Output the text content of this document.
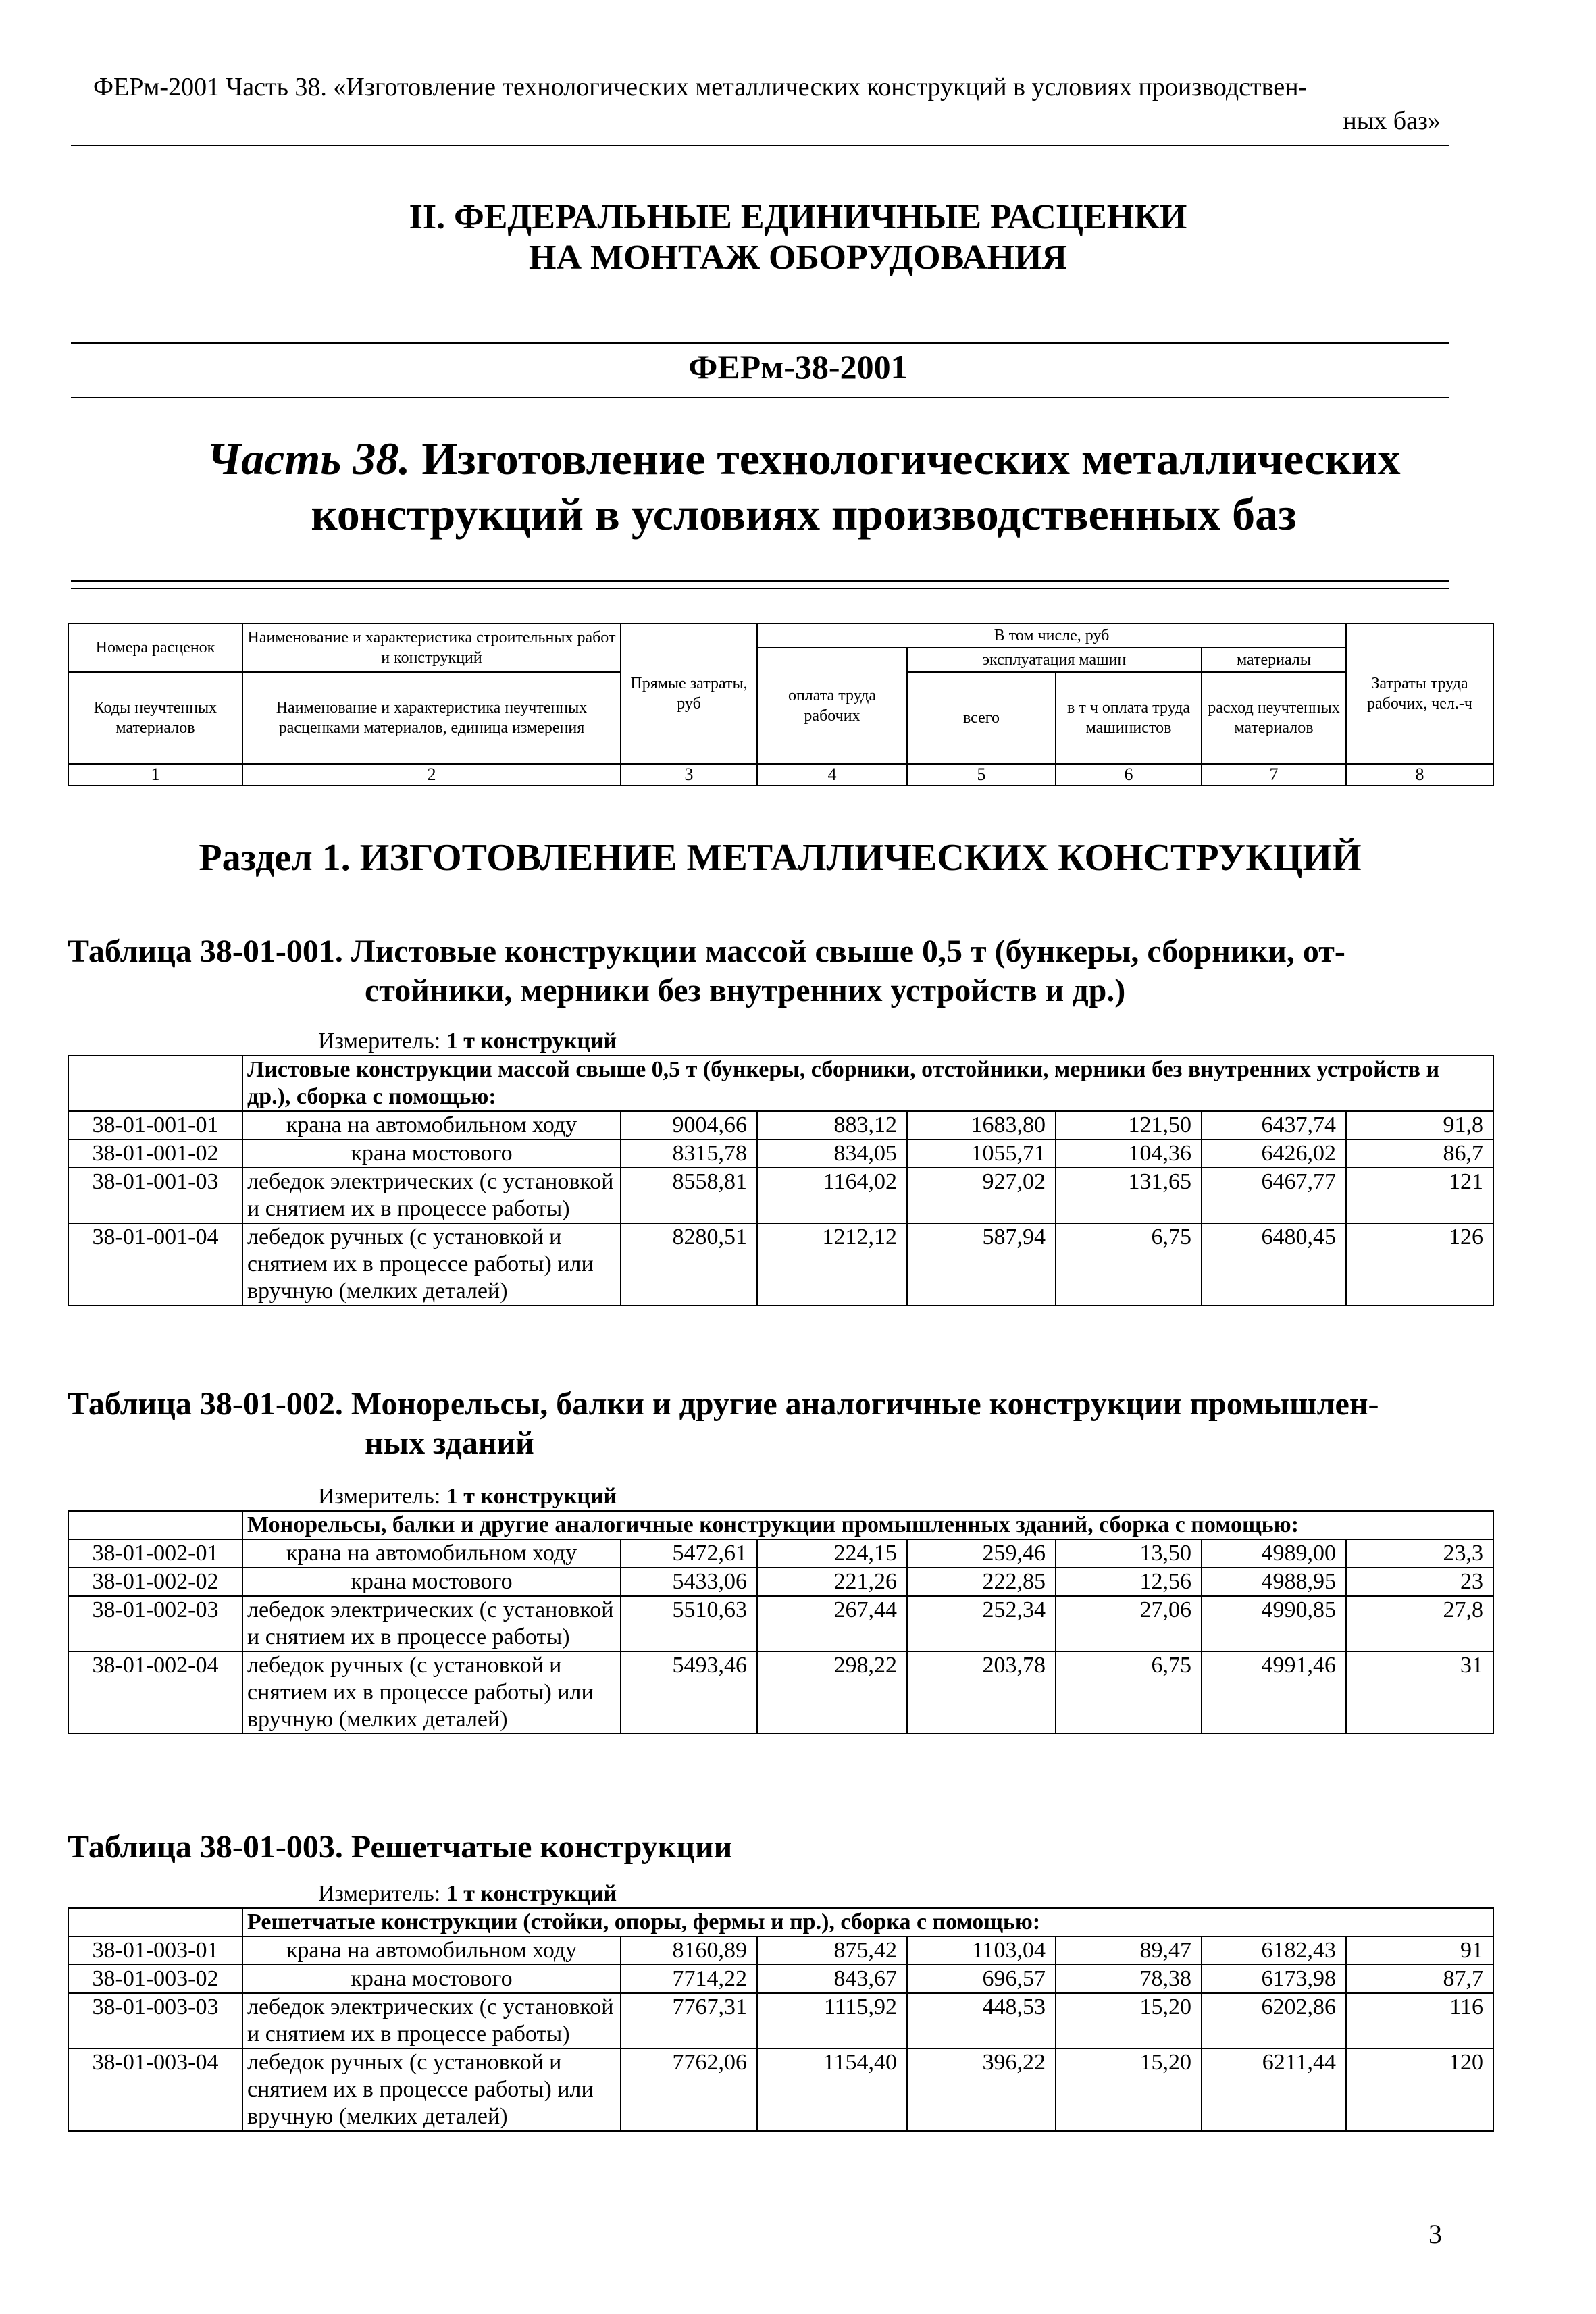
ФЕРм-2001 Часть 38. «Изготовление технологических металлических конструкций в условиях производствен-
ных баз»
II. ФЕДЕРАЛЬНЫЕ ЕДИНИЧНЫЕ РАСЦЕНКИ
НА МОНТАЖ ОБОРУДОВАНИЯ
ФЕРм-38-2001
Часть 38. Изготовление технологических металлических
конструкций в условиях производственных баз
Номера расценок	Наименование и характеристика строительных работ и конструкций	Прямые затраты, руб	В том числе, руб				Затраты труда рабочих, чел.-ч
			оплата труда рабочих	эксплуатация машин		материалы	
Коды неучтенных материалов	Наименование и характеристика неучтенных расценками материалов, единица измерения			всего	в т ч оплата труда машинистов	расход неучтенных материалов	

1	2	3	4	5	6	7	8
Раздел 1. ИЗГОТОВЛЕНИЕ МЕТАЛЛИЧЕСКИХ КОНСТРУКЦИЙ
Таблица 38-01-001. Листовые конструкции массой свыше 0,5 т (бункеры, сборники, от-
стойники, мерники без внутренних устройств и др.)
Измеритель: 1 т конструкций							
	Листовые конструкции массой свыше 0,5 т (бункеры, сборники, отстойники, мерники без внутренних устройств и др.), сборка с помощью:						
38-01-001-01	крана на автомобильном ходу	9004,66	883,12	1683,80	121,50	6437,74	91,8
38-01-001-02	крана мостового	8315,78	834,05	1055,71	104,36	6426,02	86,7
38-01-001-03	лебедок электрических (с установкой и снятием их в процессе работы)	8558,81	1164,02	927,02	131,65	6467,77	121
38-01-001-04	лебедок ручных (с установкой и снятием их в процессе работы) или вручную (мелких деталей)	8280,51	1212,12	587,94	6,75	6480,45	126
Таблица 38-01-002. Монорельсы, балки и другие аналогичные конструкции промышлен-
ных зданий
Измеритель: 1 т конструкций							
	Монорельсы, балки и другие аналогичные конструкции промышленных зданий, сборка с помощью:						
38-01-002-01	крана на автомобильном ходу	5472,61	224,15	259,46	13,50	4989,00	23,3
38-01-002-02	крана мостового	5433,06	221,26	222,85	12,56	4988,95	23
38-01-002-03	лебедок электрических (с установкой и снятием их в процессе работы)	5510,63	267,44	252,34	27,06	4990,85	27,8
38-01-002-04	лебедок ручных (с установкой и снятием их в процессе работы) или вручную (мелких деталей)	5493,46	298,22	203,78	6,75	4991,46	31
Таблица 38-01-003. Решетчатые конструкции
Измеритель: 1 т конструкций							
	Решетчатые конструкции (стойки, опоры, фермы и пр.), сборка с помощью:						
38-01-003-01	крана на автомобильном ходу	8160,89	875,42	1103,04	89,47	6182,43	91
38-01-003-02	крана мостового	7714,22	843,67	696,57	78,38	6173,98	87,7
38-01-003-03	лебедок электрических (с установкой и снятием их в процессе работы)	7767,31	1115,92	448,53	15,20	6202,86	116
38-01-003-04	лебедок ручных (с установкой и снятием их в процессе работы) или вручную (мелких деталей)	7762,06	1154,40	396,22	15,20	6211,44	120
3
